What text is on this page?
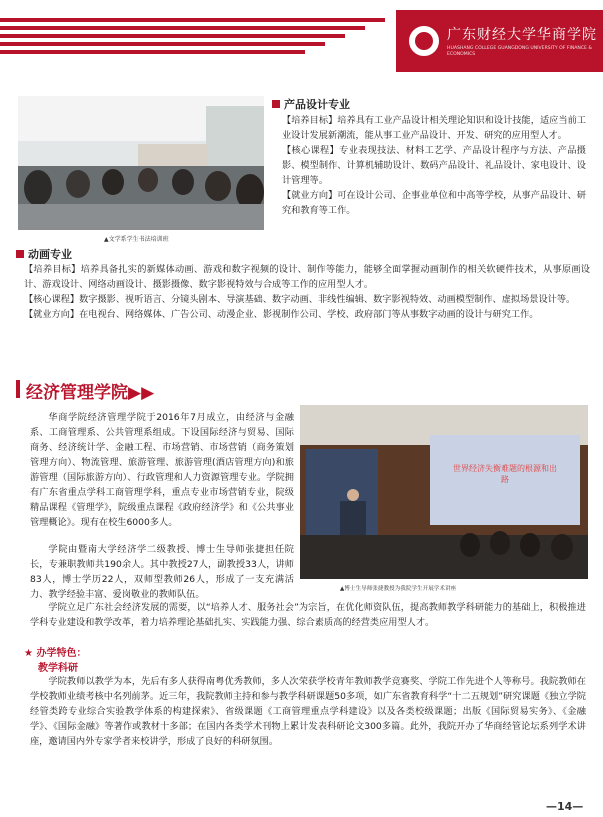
广东财经大学华商学院
HUASHANG COLLEGE GUANGDONG UNIVERSITY OF FINANCE & ECONOMICS
▲文学系学生书法培训班
产品设计专业
【培养目标】培养具有工业产品设计相关理论知识和设计技能，适应当前工业设计发展新潮流，能从事工业产品设计、开发、研究的应用型人才。
【核心课程】专业表现技法、材料工艺学、产品设计程序与方法、产品摄影、模型制作、计算机辅助设计、数码产品设计、礼品设计、家电设计、设计管理等。
【就业方向】可在设计公司、企事业单位和中高等学校，从事产品设计、研究和教育等工作。
动画专业
【培养目标】培养具备扎实的新媒体动画、游戏和数字视频的设计、制作等能力，能够全面掌握动画制作的相关软硬件技术，从事原画设计、游戏设计、网络动画设计、摄影摄像、数字影视特效与合成等工作的应用型人才。
【核心课程】数字摄影、视听语言、分镜头剧本、导演基础、数字动画、非线性编辑、数字影视特效、动画模型制作、虚拟场景设计等。
【就业方向】在电视台、网络媒体、广告公司、动漫企业、影视制作公司、学校、政府部门等从事数字动画的设计与研究工作。
经济管理学院▶▶
华商学院经济管理学院于2016年7月成立，由经济与金融系、工商管理系、公共管理系组成。下设国际经济与贸易、国际商务、经济统计学、金融工程、市场营销、市场营销（商务策划管理方向）、物流管理、旅游管理、旅游管理(酒店管理方向)和旅游管理（国际旅游方向）、行政管理和人力资源管理专业。学院拥有广东省重点学科工商管理学科，重点专业市场营销专业，院级精品课程《管理学》，院级重点课程《政府经济学》和《公共事业管理概论》。现有在校生6000多人。
学院由暨南大学经济学二级教授、博士生导师张捷担任院长，专兼职教师共190余人。其中教授27人，副教授33人，讲师83人，博士学历22人，双师型教师26人，形成了一支充满活力、教学经验丰富、爱岗敬业的教师队伍。
世界经济失衡难题的根源和出路
▲博士生导师张捷教授为我院学生开展学术讲座
学院立足广东社会经济发展的需要，以“培养人才、服务社会”为宗旨，在优化师资队伍，提高教师教学科研能力的基础上，积极推进学科专业建设和教学改革，着力培养理论基础扎实、实践能力强、综合素质高的经营类应用型人才。
★ 办学特色：
教学科研
学院教师以教学为本，先后有多人获得南粤优秀教师，多人次荣获学校青年教师教学竞赛奖、学院工作先进个人等称号。我院教师在学校教师业绩考核中名列前茅。近三年，我院教师主持和参与教学科研课题50多项，如广东省教育科学“十二五规划”研究课题《独立学院经管类跨专业综合实验教学体系的构建探索》、省级课题《工商管理重点学科建设》以及各类校级课题；出版《国际贸易实务》、《金融学》、《国际金融》等著作或教材十多部；在国内各类学术刊物上累计发表科研论文300多篇。此外，我院开办了华商经管论坛系列学术讲座，邀请国内外专家学者来校讲学，形成了良好的科研氛围。
—14—
